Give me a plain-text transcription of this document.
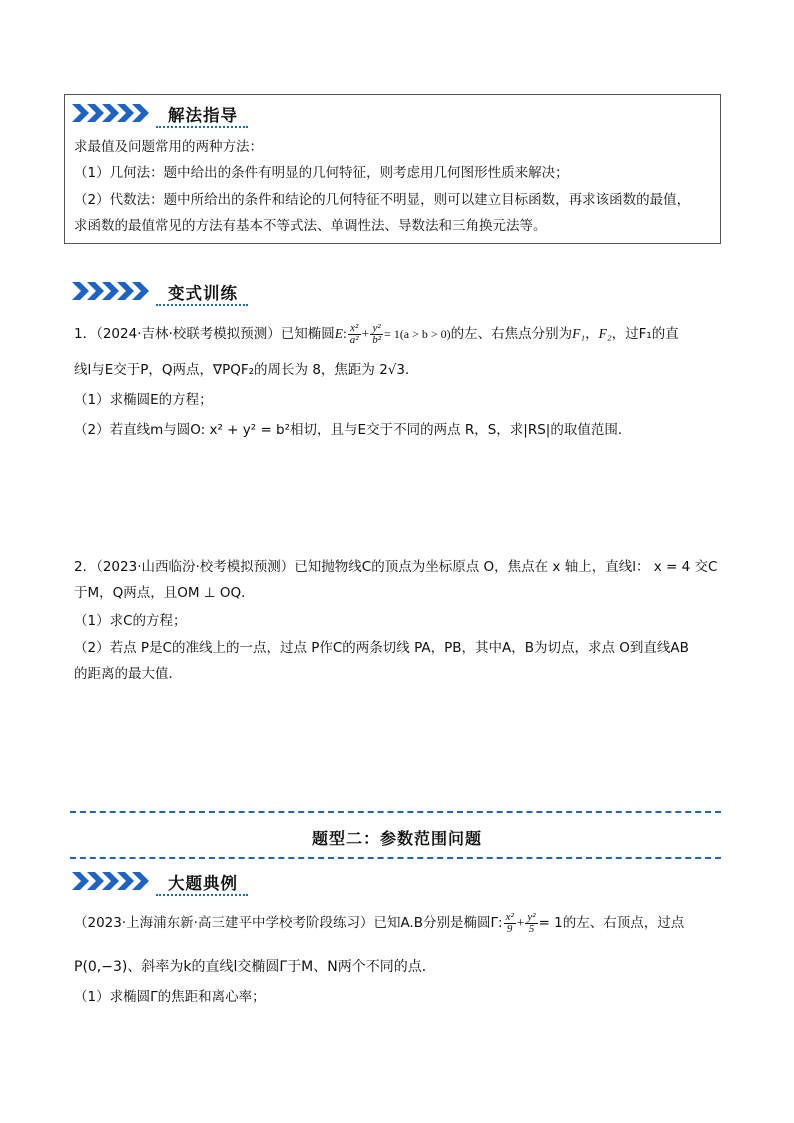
解法指导
求最值及问题常用的两种方法：
（1）几何法：题中给出的条件有明显的几何特征，则考虑用几何图形性质来解决；
（2）代数法：题中所给出的条件和结论的几何特征不明显，则可以建立目标函数，再求该函数的最值，
求函数的最值常见的方法有基本不等式法、单调性法、导数法和三角换元法等。
变式训练
1．（2024·吉林·校联考模拟预测）已知椭圆E: $\frac{\text{x²}}{\text{a²}} + \frac{\text{y²}}{\text{b²}} = 1(a > b > 0)$的左、右焦点分别为F₁，F₂，过F₁的直
线l与E交于P，Q两点，∇PQF₂的周长为 8，焦距为 2√3．
（1）求椭圆E的方程；
（2）若直线m与圆O: x² + y² = b²相切，且与E交于不同的两点 R，S，求|RS|的取值范围．
2．（2023·山西临汾·校考模拟预测）已知抛物线C的顶点为坐标原点 O，焦点在 x 轴上，直线l： x = 4 交C
于M，Q两点，且OM ⊥ OQ．
（1）求C的方程；
（2）若点 P是C的准线上的一点，过点 P作C的两条切线 PA，PB，其中A，B为切点，求点 O到直线AB
的距离的最大值．
题型二：参数范围问题
大题典例
（2023·上海浦东新·高三建平中学校考阶段练习）已知A.B分别是椭圆Γ: $\frac{\text{x²}}{9} + \frac{\text{y²}}{5} = 1$的左、右顶点，过点
P(0,−3)、斜率为k的直线l交椭圆Γ于M、N两个不同的点．
（1）求椭圆Γ的焦距和离心率；
